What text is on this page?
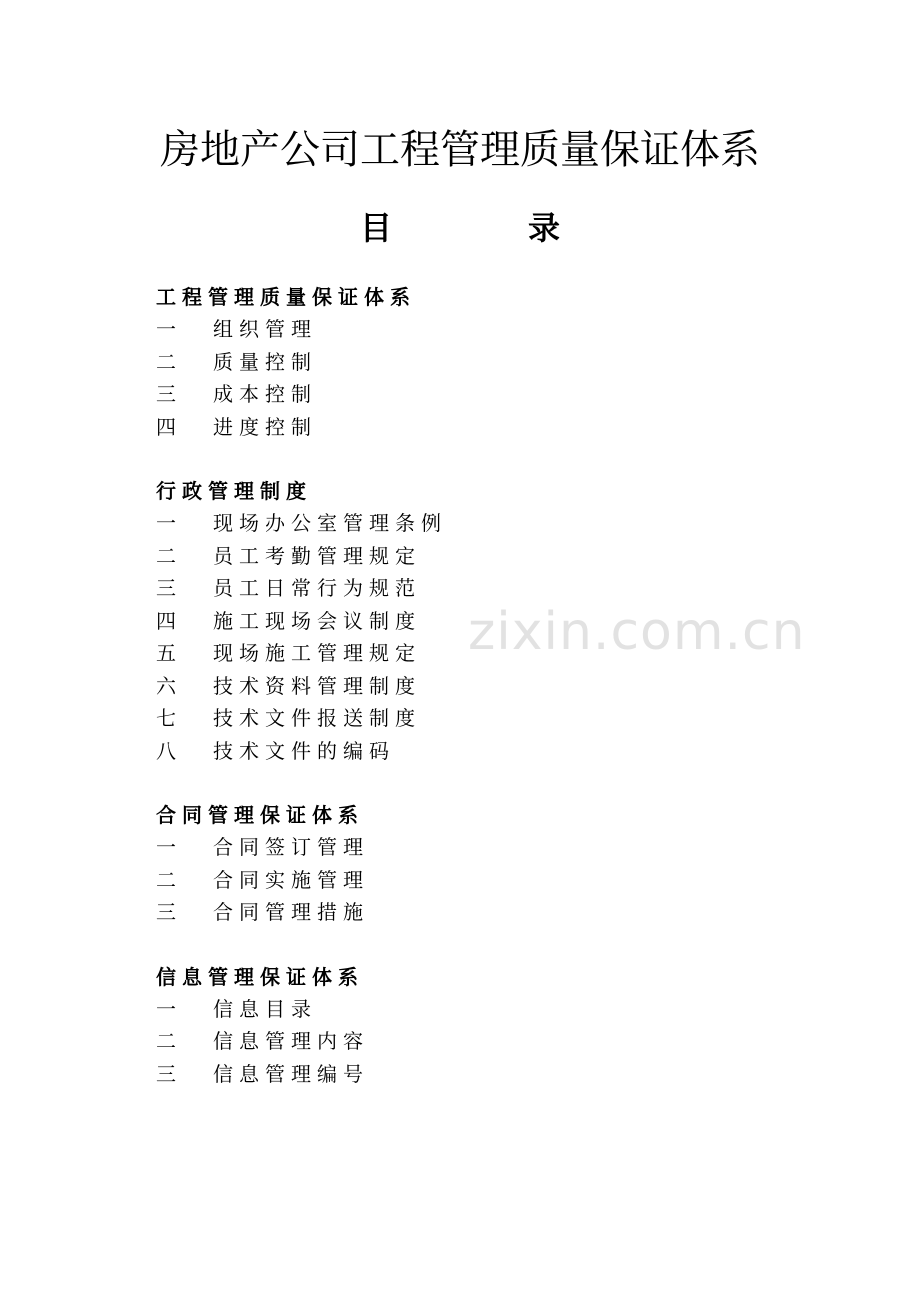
房地产公司工程管理质量保证体系
目	录
工程管理质量保证体系
一 组织管理
二 质量控制
三 成本控制
四 进度控制
行政管理制度
一 现场办公室管理条例
二 员工考勤管理规定
三 员工日常行为规范
四 施工现场会议制度
五 现场施工管理规定
六 技术资料管理制度
七 技术文件报送制度
八 技术文件的编码
合同管理保证体系
一 合同签订管理
二 合同实施管理
三 合同管理措施
信息管理保证体系
一 信息目录
二 信息管理内容
三 信息管理编号
zixin.com.cn
